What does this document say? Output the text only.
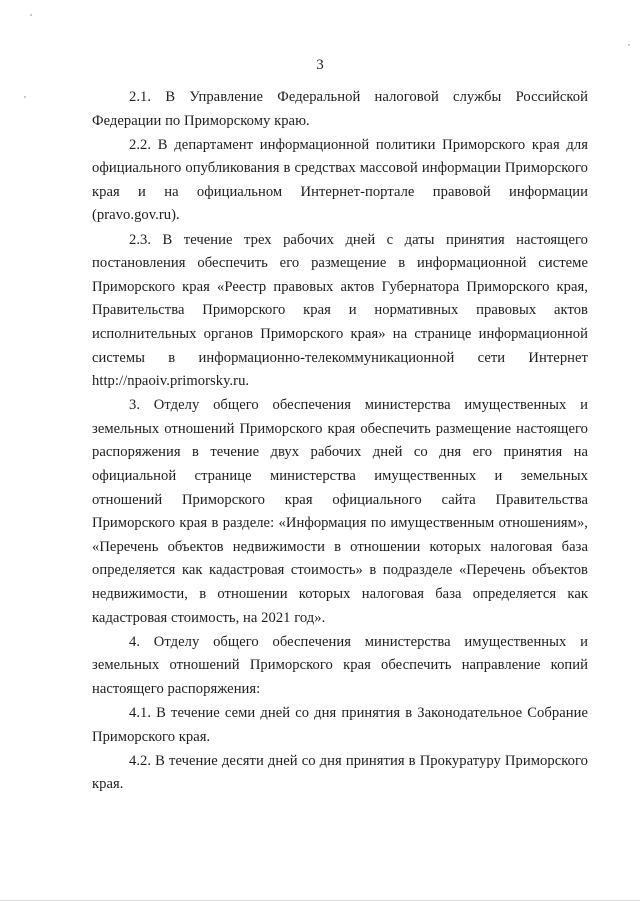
3

2.1. В Управление Федеральной налоговой службы Российской Федерации по Приморскому краю.

2.2. В департамент информационной политики Приморского края для официального опубликования в средствах массовой информации Приморского края и на официальном Интернет-портале правовой информации (pravo.gov.ru).

2.3. В течение трех рабочих дней с даты принятия настоящего постановления обеспечить его размещение в информационной системе Приморского края «Реестр правовых актов Губернатора Приморского края, Правительства Приморского края и нормативных правовых актов исполнительных органов Приморского края» на странице информационной системы в информационно-телекоммуникационной сети Интернет http://npaoiv.primorsky.ru.

3. Отделу общего обеспечения министерства имущественных и земельных отношений Приморского края обеспечить размещение настоящего распоряжения в течение двух рабочих дней со дня его принятия на официальной странице министерства имущественных и земельных отношений Приморского края официального сайта Правительства Приморского края в разделе: «Информация по имущественным отношениям», «Перечень объектов недвижимости в отношении которых налоговая база определяется как кадастровая стоимость» в подразделе «Перечень объектов недвижимости, в отношении которых налоговая база определяется как кадастровая стоимость, на 2021 год».

4. Отделу общего обеспечения министерства имущественных и земельных отношений Приморского края обеспечить направление копий настоящего распоряжения:

4.1. В течение семи дней со дня принятия в Законодательное Собрание Приморского края.

4.2. В течение десяти дней со дня принятия в Прокуратуру Приморского края.
